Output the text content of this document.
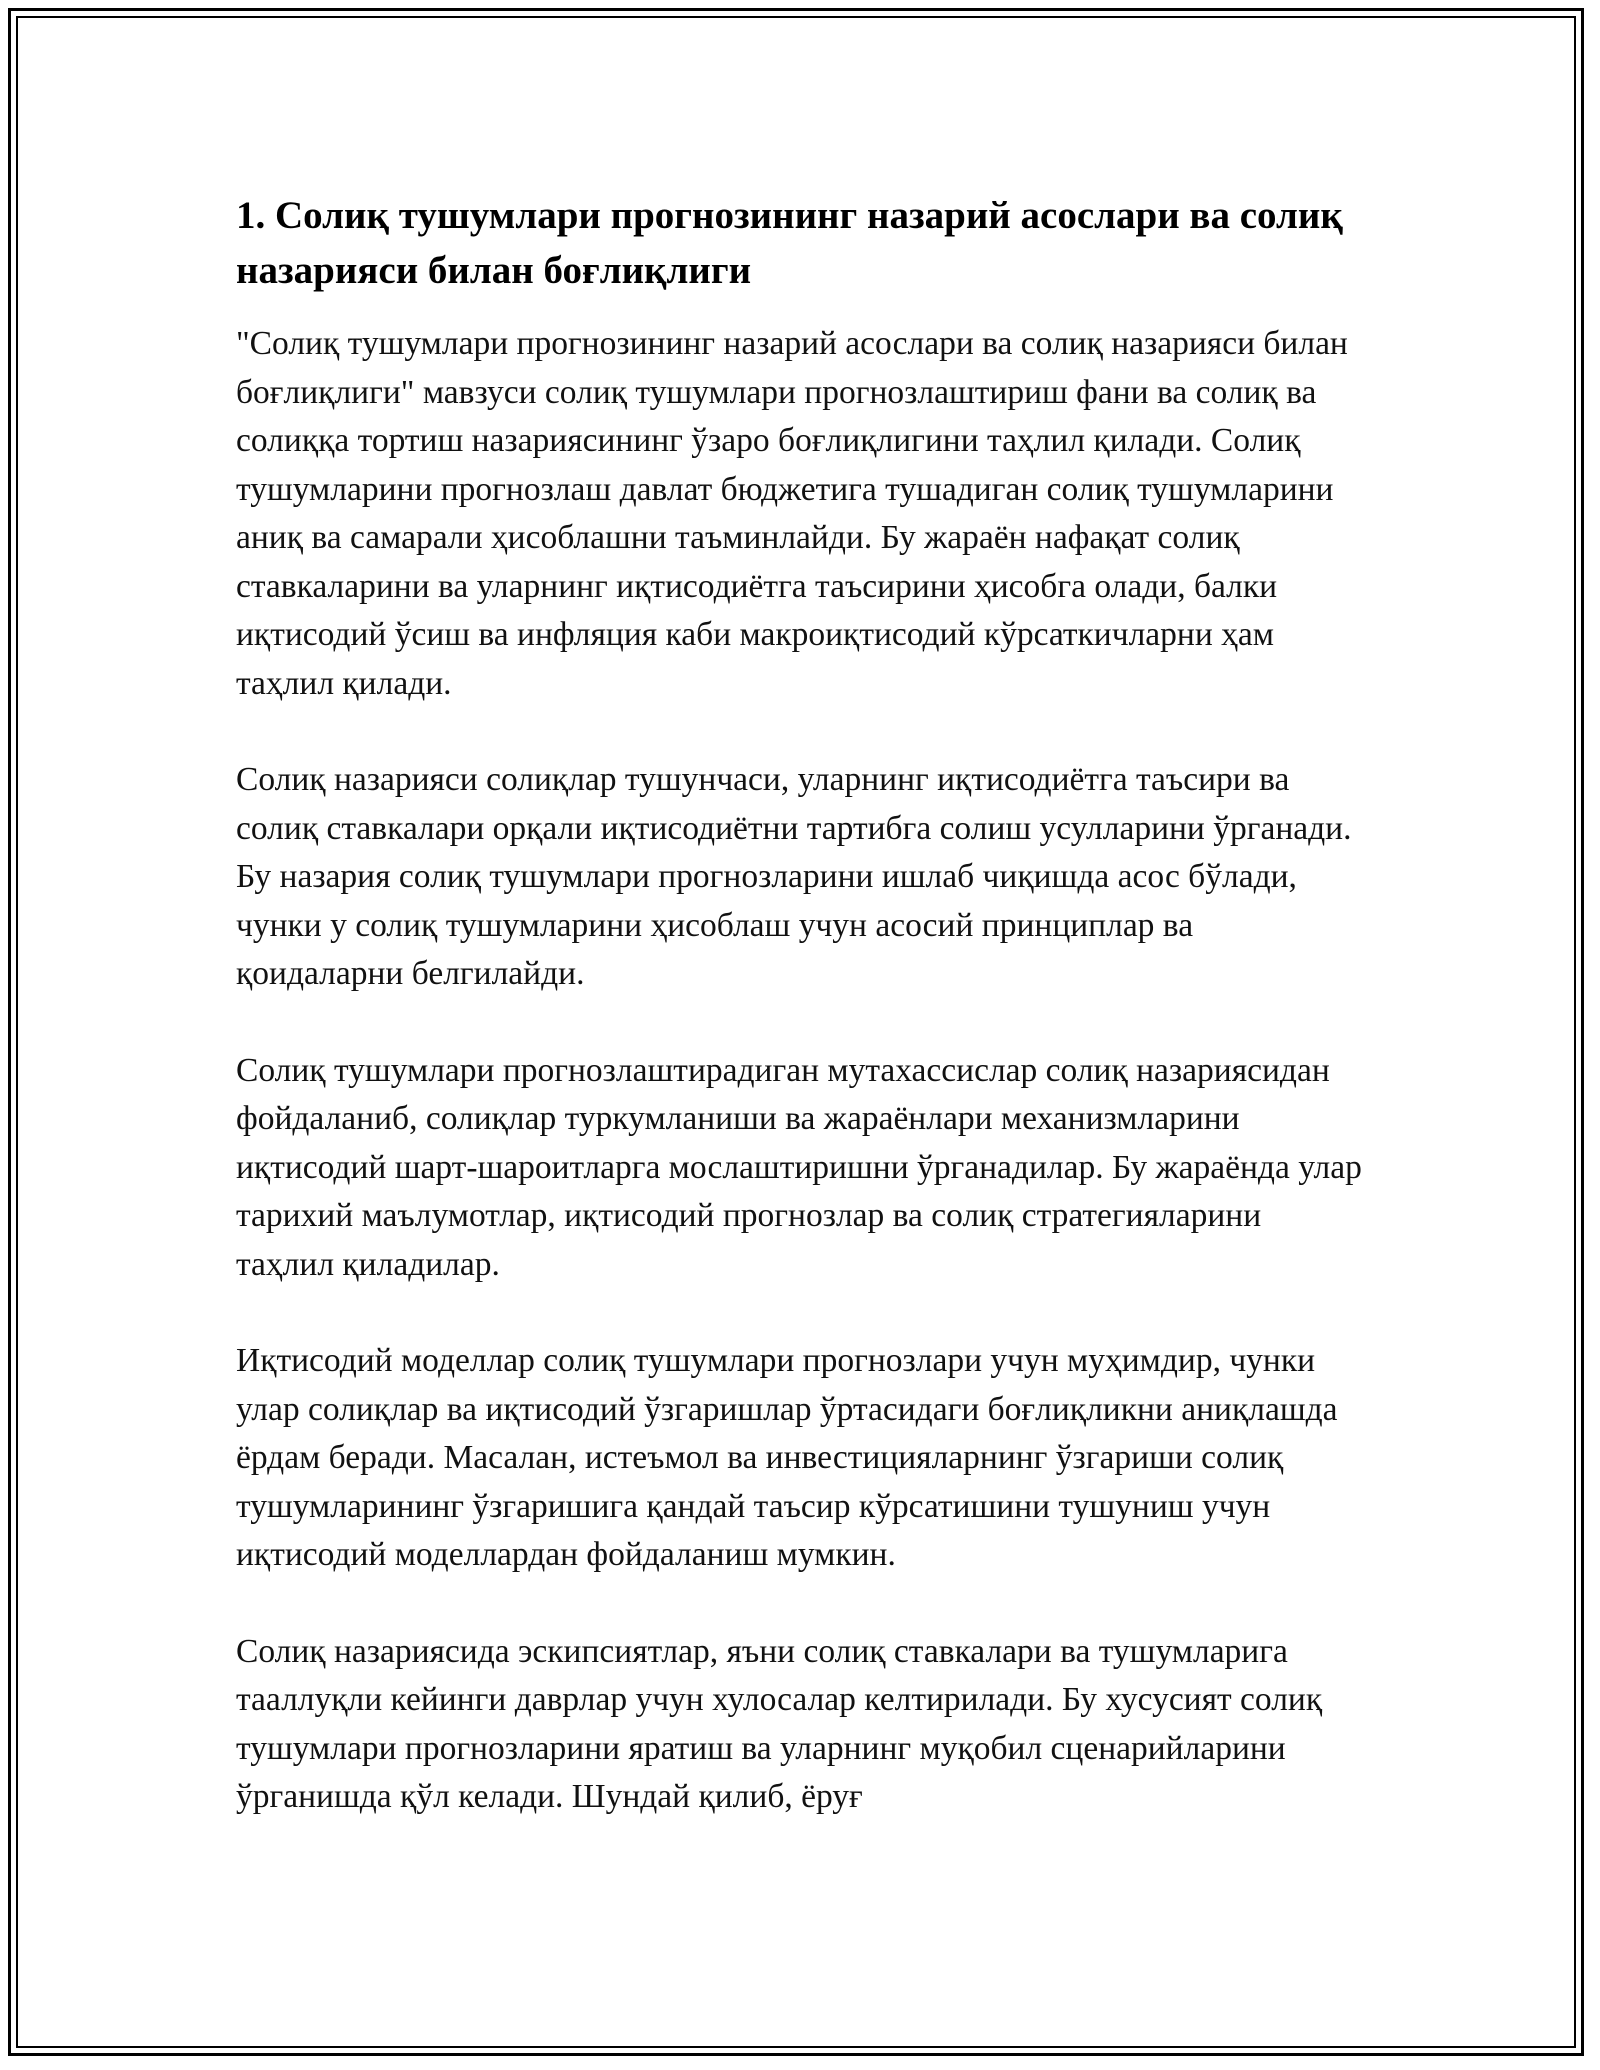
1. Солиқ тушумлари прогнозининг назарий асослари ва солиқ назарияси билан боғлиқлиги

"Солиқ тушумлари прогнозининг назарий асослари ва солиқ назарияси билан боғлиқлиги" мавзуси солиқ тушумлари прогнозлаштириш фани ва солиқ ва солиққа тортиш назариясининг ўзаро боғлиқлигини таҳлил қилади. Солиқ тушумларини прогнозлаш давлат бюджетига тушадиган солиқ тушумларини аниқ ва самарали ҳисоблашни таъминлайди. Бу жараён нафақат солиқ ставкаларини ва уларнинг иқтисодиётга таъсирини ҳисобга олади, балки иқтисодий ўсиш ва инфляция каби макроиқтисодий кўрсаткичларни ҳам таҳлил қилади.

Солиқ назарияси солиқлар тушунчаси, уларнинг иқтисодиётга таъсири ва солиқ ставкалари орқали иқтисодиётни тартибга солиш усулларини ўрганади. Бу назария солиқ тушумлари прогнозларини ишлаб чиқишда асос бўлади, чунки у солиқ тушумларини ҳисоблаш учун асосий принциплар ва қоидаларни белгилайди.

Солиқ тушумлари прогнозлаштирадиган мутахассислар солиқ назариясидан фойдаланиб, солиқлар туркумланиши ва жараёнлари механизмларини иқтисодий шарт-шароитларга мослаштиришни ўрганадилар. Бу жараёнда улар тарихий маълумотлар, иқтисодий прогнозлар ва солиқ стратегияларини таҳлил қиладилар.

Иқтисодий моделлар солиқ тушумлари прогнозлари учун муҳимдир, чунки улар солиқлар ва иқтисодий ўзгаришлар ўртасидаги боғлиқликни аниқлашда ёрдам беради. Масалан, истеъмол ва инвестицияларнинг ўзгариши солиқ тушумларининг ўзгаришига қандай таъсир кўрсатишини тушуниш учун иқтисодий моделлардан фойдаланиш мумкин.

Солиқ назариясида эскипсиятлар, яъни солиқ ставкалари ва тушумларига тааллуқли кейинги даврлар учун хулосалар келтирилади. Бу хусусият солиқ тушумлари прогнозларини яратиш ва уларнинг муқобил сценарийларини ўрганишда қўл келади. Шундай қилиб, ёруғ
